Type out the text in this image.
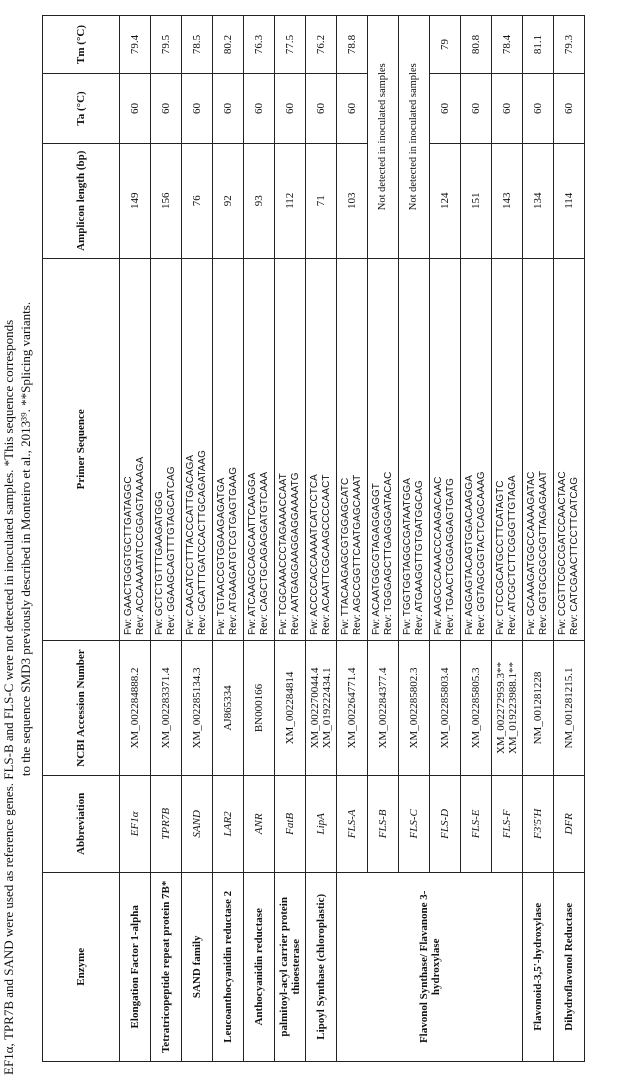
EF1α, TPR7B and SAND were used as reference genes. FLS-B and FLS-C were not detected in inoculated samples. *This sequence corresponds to the sequence SMD3 previously described in Monteiro et al., 2013³⁹. **Splicing variants.
Enzyme	Abbreviation	NCBI Accession Number	Primer Sequence	Amplicon length (bp)	Ta (°C)	Tm (°C)
Elongation Factor 1-alpha	EF1α	XM_002284888.2	Fw: GAACTGGGTGCTTGATAGGC Rev: ACCAAAATATCCGGAGTAAAAGA	149	60	79.4
Tetratricopeptide repeat protein 7B*	TPR7B	XM_002283371.4	Fw: GCTCTGTTTGAAGATGGG Rev: GGAAGCAGTTTGTAGCATCAG	156	60	79.5
SAND family	SAND	XM_002285134.3	Fw: CAACATCCTTTACCCATTGACAGA Rev: GCATTTGATCCACTTGCAGATAAG	76	60	78.5
Leucoanthocyanidin reductase 2	LAR2	AJ865334	Fw: TGTAACCGTGGAAGAGATGA Rev: ATGAAGATGTCGTGAGTGAAG	92	60	80.2
Anthocyanidin reductase	ANR	BN000166	Fw: ATCAAGCCAGCAATTCAAGGA Rev: CAGCTGCAGAGGATGTCAAA	93	60	76.3
palmitoyl-acyl carrier protein thioesterase	FatB	XM_002284814	Fw: TCGCAAACCCTAGAAACCAAT Rev: AATGAGGAAGGAGGAAAATG	112	60	77.5
Lipoyl Synthase (chloroplastic)	LipA	XM_002270044.4 XM_019222434.1	Fw: ACCCCACCAAAATCATCCTCA Rev: ACAATTCGCAAGCCCCAACT	71	60	76.2
Flavonol Synthase/ Flavanone 3-hydroxylase	FLS-A	XM_002264771.4	Fw: TTACAAGAGCGTGGAGCATC Rev: AGCCGGTTCAATGAGCAAAT	103	60	78.8
	FLS-B	XM_002284377.4	Fw: ACAATGGCGTAGAGGAGGT Rev: TGGGAGCTTGAGGGATACAC	Not detected in inoculated samples		
	FLS-C	XM_002285802.3	Fw: TGGTGGTAGGCGATAATGGA Rev: ATGAAGGTTGTGATGGCAG	Not detected in inoculated samples		
	FLS-D	XM_002285803.4	Fw: AAGCCCAAACCCAAGACAAC Rev: TGAACTCGGAGGAGTGATG	124	60	79
	FLS-E	XM_002285805.3	Fw: AGGAGTACAGTGGACAAGGA Rev: GGTAGCGGTACTCAGCAAAG	151	60	80.8
	FLS-F	XM_002272959.3** XM_019223988.1**	Fw: CTCCGCATGCCTTCATAGTC Rev: ATCGCTCTTCGGGTTGTAGA	143	60	78.4
Flavonoid-3,5'-hydroxylase	F3'5'H	NM_001281228	Fw: GCAAAGATGGCCAAAAGATAC Rev: GGTGCGGCGGTTAGAGAAAT	134	60	81.1
Dihydroflavonol Reductase	DFR	NM_001281215.1	Fw: CCGTTCGCCGATCCAACTAAC Rev: CATCGAACTTCCTTCATCAG	114	60	79.3
